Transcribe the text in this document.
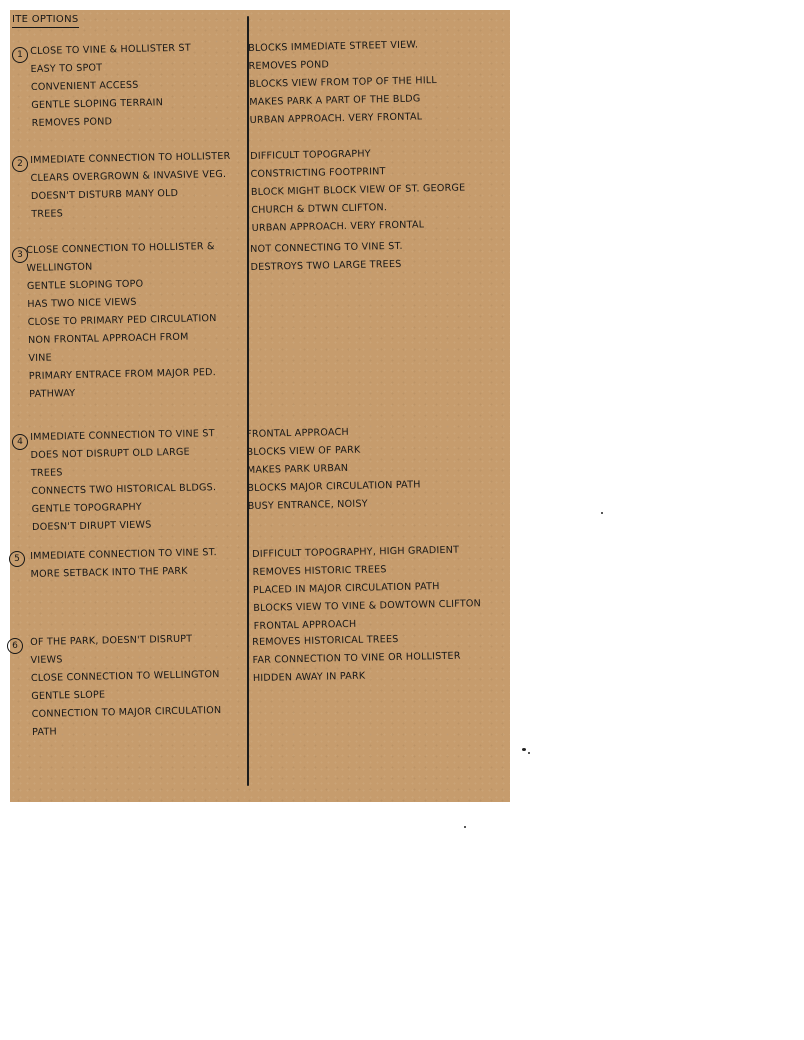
ITE OPTIONS
1 CLOSE TO VINE & HOLLISTER ST
EASY TO SPOT
CONVENIENT ACCESS
GENTLE SLOPING TERRAIN
REMOVES POND
BLOCKS IMMEDIATE STREET VIEW.
REMOVES POND
BLOCKS VIEW FROM TOP OF THE HILL
MAKES PARK A PART OF THE BLDG
URBAN APPROACH. VERY FRONTAL
2 IMMEDIATE CONNECTION TO HOLLISTER
CLEARS OVERGROWN & INVASIVE VEG.
DOESN'T DISTURB MANY OLD
TREES
DIFFICULT TOPOGRAPHY
CONSTRICTING FOOTPRINT
BLOCK MIGHT BLOCK VIEW OF ST. GEORGE
CHURCH & DTWN CLIFTON.
URBAN APPROACH. VERY FRONTAL
3 CLOSE CONNECTION TO HOLLISTER &
WELLINGTON
GENTLE SLOPING TOPO
HAS TWO NICE VIEWS
CLOSE TO PRIMARY PED CIRCULATION
NON FRONTAL APPROACH FROM
VINE
PRIMARY ENTRACE FROM MAJOR PED.
PATHWAY
NOT CONNECTING TO VINE ST.
DESTROYS TWO LARGE TREES
4 IMMEDIATE CONNECTION TO VINE ST
DOES NOT DISRUPT OLD LARGE
TREES
CONNECTS TWO HISTORICAL BLDGS.
GENTLE TOPOGRAPHY
DOESN'T DIRUPT VIEWS
FRONTAL APPROACH
BLOCKS VIEW OF PARK
MAKES PARK URBAN
BLOCKS MAJOR CIRCULATION PATH
BUSY ENTRANCE, NOISY
5	IMMEDIATE CONNECTION TO VINE ST.
MORE SETBACK INTO THE PARK
DIFFICULT TOPOGRAPHY, HIGH GRADIENT
REMOVES HISTORIC TREES
PLACED IN MAJOR CIRCULATION PATH
BLOCKS VIEW TO VINE & DOWTOWN CLIFTON
FRONTAL APPROACH
6	OF THE PARK, DOESN'T DISRUPT
VIEWS
CLOSE CONNECTION TO WELLINGTON
GENTLE SLOPE
CONNECTION TO MAJOR CIRCULATION
PATH
REMOVES HISTORICAL TREES
FAR CONNECTION TO VINE OR HOLLISTER
HIDDEN AWAY IN PARK
